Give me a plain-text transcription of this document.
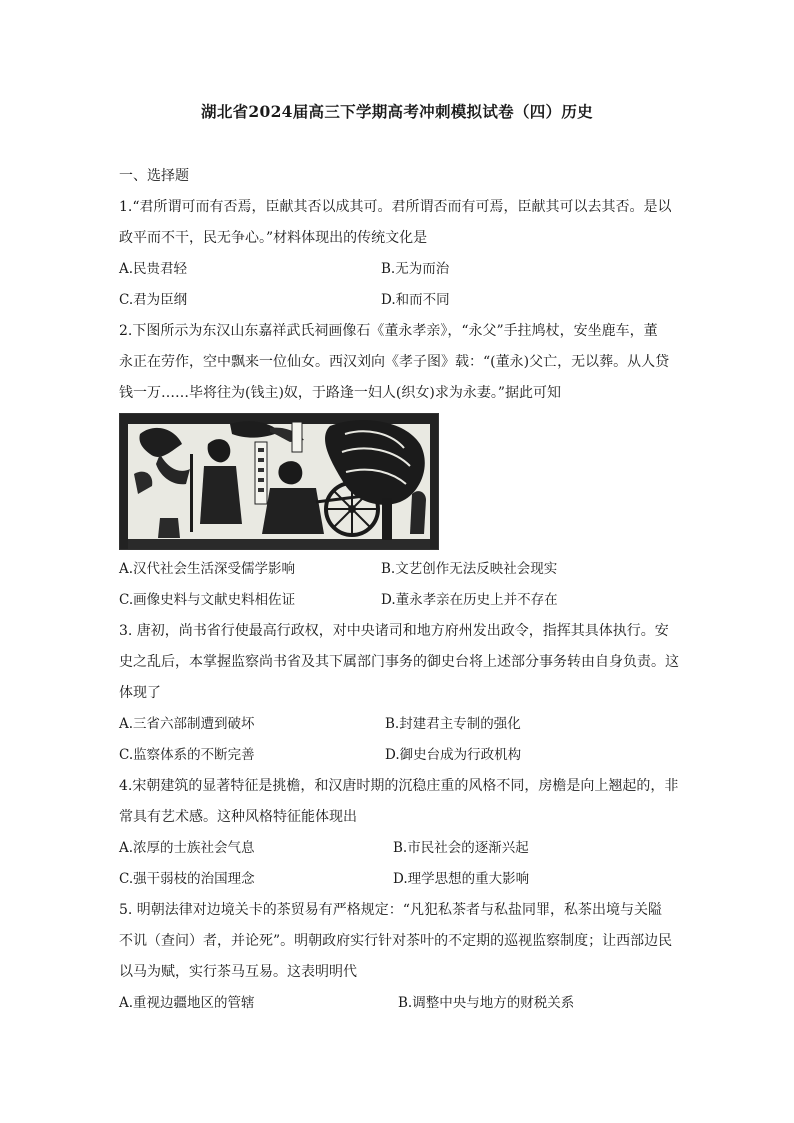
湖北省2024届高三下学期高考冲刺模拟试卷（四）历史
一、选择题
1.“君所谓可而有否焉，臣献其否以成其可。君所谓否而有可焉，臣献其可以去其否。是以
政平而不干，民无争心。”材料体现出的传统文化是
A.民贵君轻	B.无为而治
C.君为臣纲	D.和而不同
2.下图所示为东汉山东嘉祥武氏祠画像石《董永孝亲》，“永父”手拄鸠杖，安坐鹿车，董
永正在劳作，空中飘来一位仙女。西汉刘向《孝子图》载：“(董永)父亡，无以葬。从人贷
钱一万……毕将往为(钱主)奴，于路逢一妇人(织女)求为永妻。”据此可知
A.汉代社会生活深受儒学影响	B.文艺创作无法反映社会现实
C.画像史料与文献史料相佐证	D.董永孝亲在历史上并不存在
3. 唐初，尚书省行使最高行政权，对中央诸司和地方府州发出政令，指挥其具体执行。安
史之乱后，本掌握监察尚书省及其下属部门事务的御史台将上述部分事务转由自身负责。这
体现了
A.三省六部制遭到破坏	B.封建君主专制的强化
C.监察体系的不断完善	D.御史台成为行政机构
4.宋朝建筑的显著特征是挑檐，和汉唐时期的沉稳庄重的风格不同，房檐是向上翘起的，非
常具有艺术感。这种风格特征能体现出
A.浓厚的士族社会气息	B.市民社会的逐渐兴起
C.强干弱枝的治国理念	D.理学思想的重大影响
5. 明朝法律对边境关卡的茶贸易有严格规定：“凡犯私茶者与私盐同罪，私茶出境与关隘
不讥（查问）者，并论死”。明朝政府实行针对茶叶的不定期的巡视监察制度；让西部边民
以马为赋，实行茶马互易。这表明明代
A.重视边疆地区的管辖	B.调整中央与地方的财税关系
